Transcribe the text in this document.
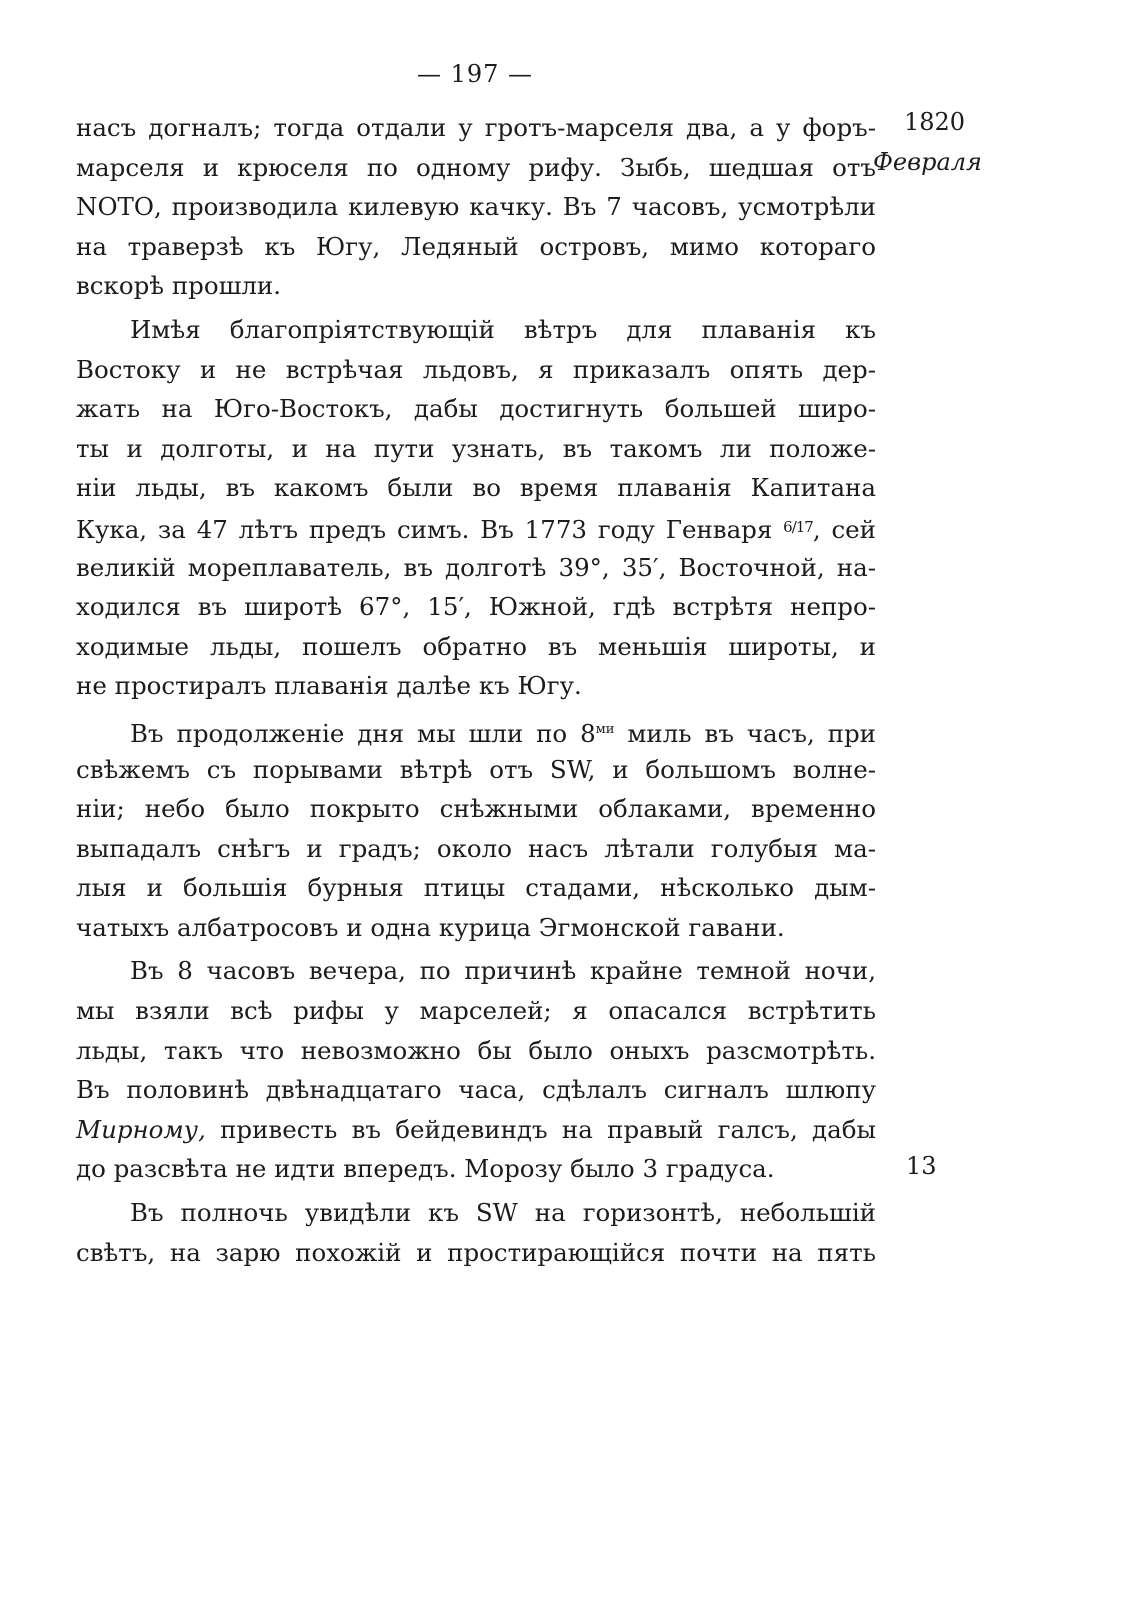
— 197 —
1820
Февраля
13
насъ догналъ; тогда отдали у гротъ-марселя два, а у форъ-
марселя и крюселя по одному рифу. Зыбь, шедшая отъ
NОТО, производила килевую качку. Въ 7 часовъ, усмотрѣли
на траверзѣ къ Югу, Ледяный островъ, мимо котораго
вскорѣ прошли.
Имѣя благопріятствующій вѣтръ для плаванія къ
Востоку и не встрѣчая льдовъ, я приказалъ опять дер-
жать на Юго-Востокъ, дабы достигнуть большей широ-
ты и долготы, и на пути узнать, въ такомъ ли положе-
ніи льды, въ какомъ были во время плаванія Капитана
Кука, за 47 лѣтъ предъ симъ. Въ 1773 году Генваря $^{6/17}$, сей
великій мореплаватель, въ долготѣ 39°, 35′, Восточной, на-
ходился въ широтѣ 67°, 15′, Южной, гдѣ встрѣтя непро-
ходимые льды, пошелъ обратно въ меньшія широты, и
не простиралъ плаванія далѣе къ Югу.
Въ продолженіе дня мы шли по $8^{ми}$ миль въ часъ, при
свѣжемъ съ порывами вѣтрѣ отъ SW, и большомъ волне-
ніи; небо было покрыто снѣжными облаками, временно
выпадалъ снѣгъ и градъ; около насъ лѣтали голубыя ма-
лыя и большія бурныя птицы стадами, нѣсколько дым-
чатыхъ албатросовъ и одна курица Эгмонской гавани.
Въ 8 часовъ вечера, по причинѣ крайне темной ночи,
мы взяли всѣ рифы у марселей; я опасался встрѣтить
льды, такъ что невозможно бы было оныхъ разсмотрѣть.
Въ половинѣ двѣнадцатаго часа, сдѣлалъ сигналъ шлюпу
Мирному, привесть въ бейдевиндъ на правый галсъ, дабы
до разсвѣта не идти впередъ. Морозу было 3 градуса.
Въ полночь увидѣли къ SW на горизонтѣ, небольшій
свѣтъ, на зарю похожій и простирающійся почти на пять
